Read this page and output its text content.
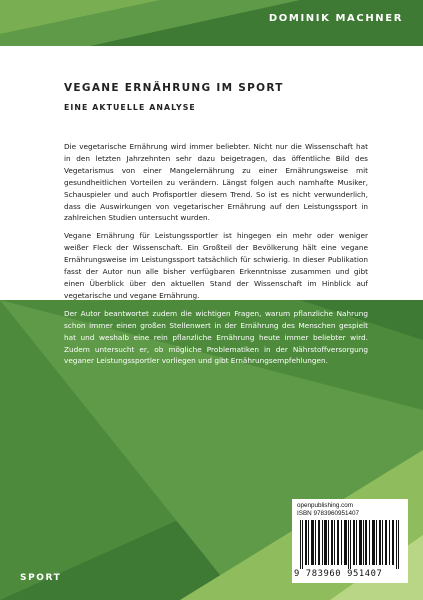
DOMINIK MACHNER
VEGANE ERNÄHRUNG IM SPORT
EINE AKTUELLE ANALYSE

Die vegetarische Ernährung wird immer beliebter. Nicht nur die Wissenschaft hat in den letzten Jahrzehnten sehr dazu beigetragen, das öffentliche Bild des Vegetarismus von einer Mangelernährung zu einer Ernährungsweise mit gesundheitlichen Vorteilen zu verändern. Längst folgen auch namhafte Musiker, Schauspieler und auch Profisportler diesem Trend. So ist es nicht verwunderlich, dass die Auswirkungen von vegetarischer Ernährung auf den Leistungssport in zahlreichen Studien untersucht wurden.

Vegane Ernährung für Leistungssportler ist hingegen ein mehr oder weniger weißer Fleck der Wissenschaft. Ein Großteil der Bevölkerung hält eine vegane Ernährungsweise im Leistungssport tatsächlich für schwierig. In dieser Publikation fasst der Autor nun alle bisher verfügbaren Erkenntnisse zusammen und gibt einen Überblick über den aktuellen Stand der Wissenschaft im Hinblick auf vegetarische und vegane Ernährung.

Der Autor beantwortet zudem die wichtigen Fragen, warum pflanzliche Nahrung schon immer einen großen Stellenwert in der Ernährung des Menschen gespielt hat und weshalb eine rein pflanzliche Ernährung heute immer beliebter wird. Zudem untersucht er, ob mögliche Problematiken in der Nährstoffversorgung veganer Leistungssportler vorliegen und gibt Ernährungsempfehlungen.

openpublishing.com
ISBN 9783960951407
9 783960 951407
SPORT
